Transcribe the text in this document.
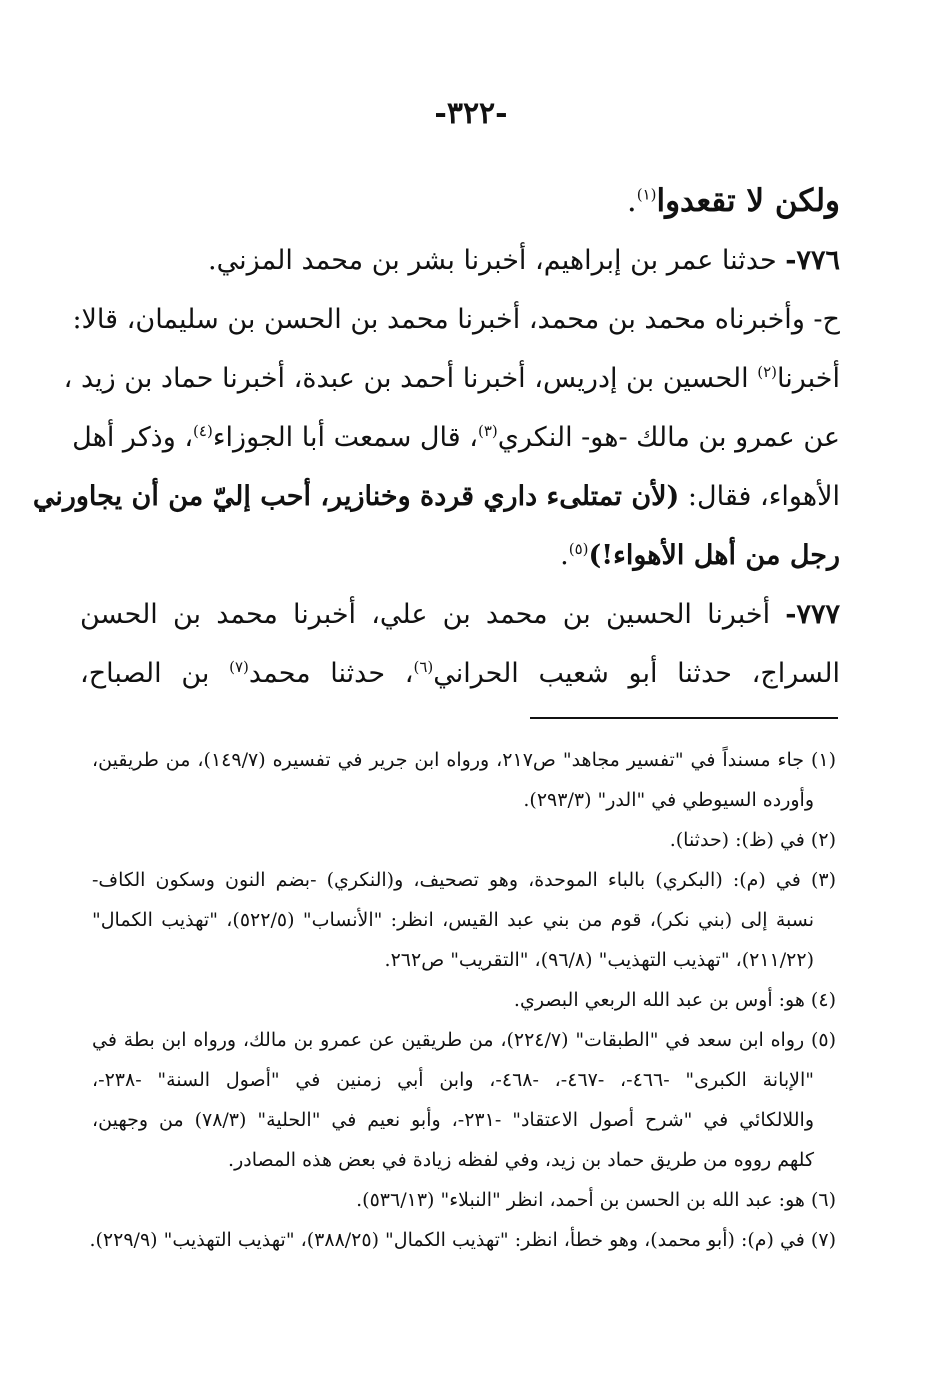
-٣٢٢-
ولكن لا تقعدوا$^{(١)}$.
٧٧٦- حدثنا عمر بن إبراهيم، أخبرنا بشر بن محمد المزني.
ح- وأخبرناه محمد بن محمد، أخبرنا محمد بن الحسن بن سليمان، قالا:
أخبرنا$^{(٢)}$ الحسين بن إدريس، أخبرنا أحمد بن عبدة، أخبرنا حماد بن زيد ،
عن عمرو بن مالك -هو- النكري$^{(٣)}$، قال سمعت أبا الجوزاء$^{(٤)}$، وذكر أهل
الأهواء، فقال: (لأن تمتلىء داري قردة وخنازير، أحب إليّ من أن يجاورني
رجل من أهل الأهواء!)$^{(٥)}$.
٧٧٧- أخبرنا الحسين بن محمد بن علي، أخبرنا محمد بن الحسن
السراج، حدثنا أبو شعيب الحراني$^{(٦)}$، حدثنا محمد$^{(٧)}$ بن الصباح،
(١) جاء مسنداً في "تفسير مجاهد" ص٢١٧، ورواه ابن جرير في تفسيره (١٤٩/٧)، من طريقين،
وأورده السيوطي في "الدر" (٢٩٣/٣).
(٢) في (ظ): (حدثنا).
(٣) في (م): (البكري) بالباء الموحدة، وهو تصحيف، و(النكري) -بضم النون وسكون الكاف-
نسبة إلى (بني نكر)، قوم من بني عبد القيس، انظر: "الأنساب" (٥٢٢/٥)، "تهذيب الكمال"
(٢١١/٢٢)، "تهذيب التهذيب" (٩٦/٨)، "التقريب" ص٢٦٢.
(٤) هو: أوس بن عبد الله الربعي البصري.
(٥) رواه ابن سعد في "الطبقات" (٢٢٤/٧)، من طريقين عن عمرو بن مالك، ورواه ابن بطة في
"الإبانة الكبرى" -٤٦٦-، -٤٦٧-، -٤٦٨-، وابن أبي زمنين في "أصول السنة" -٢٣٨-،
واللالكائي في "شرح أصول الاعتقاد" -٢٣١-، وأبو نعيم في "الحلية" (٧٨/٣) من وجهين،
كلهم رووه من طريق حماد بن زيد، وفي لفظه زيادة في بعض هذه المصادر.
(٦) هو: عبد الله بن الحسن بن أحمد، انظر "النبلاء" (٥٣٦/١٣).
(٧) في (م): (أبو محمد)، وهو خطأ، انظر: "تهذيب الكمال" (٣٨٨/٢٥)، "تهذيب التهذيب" (٢٢٩/٩).
